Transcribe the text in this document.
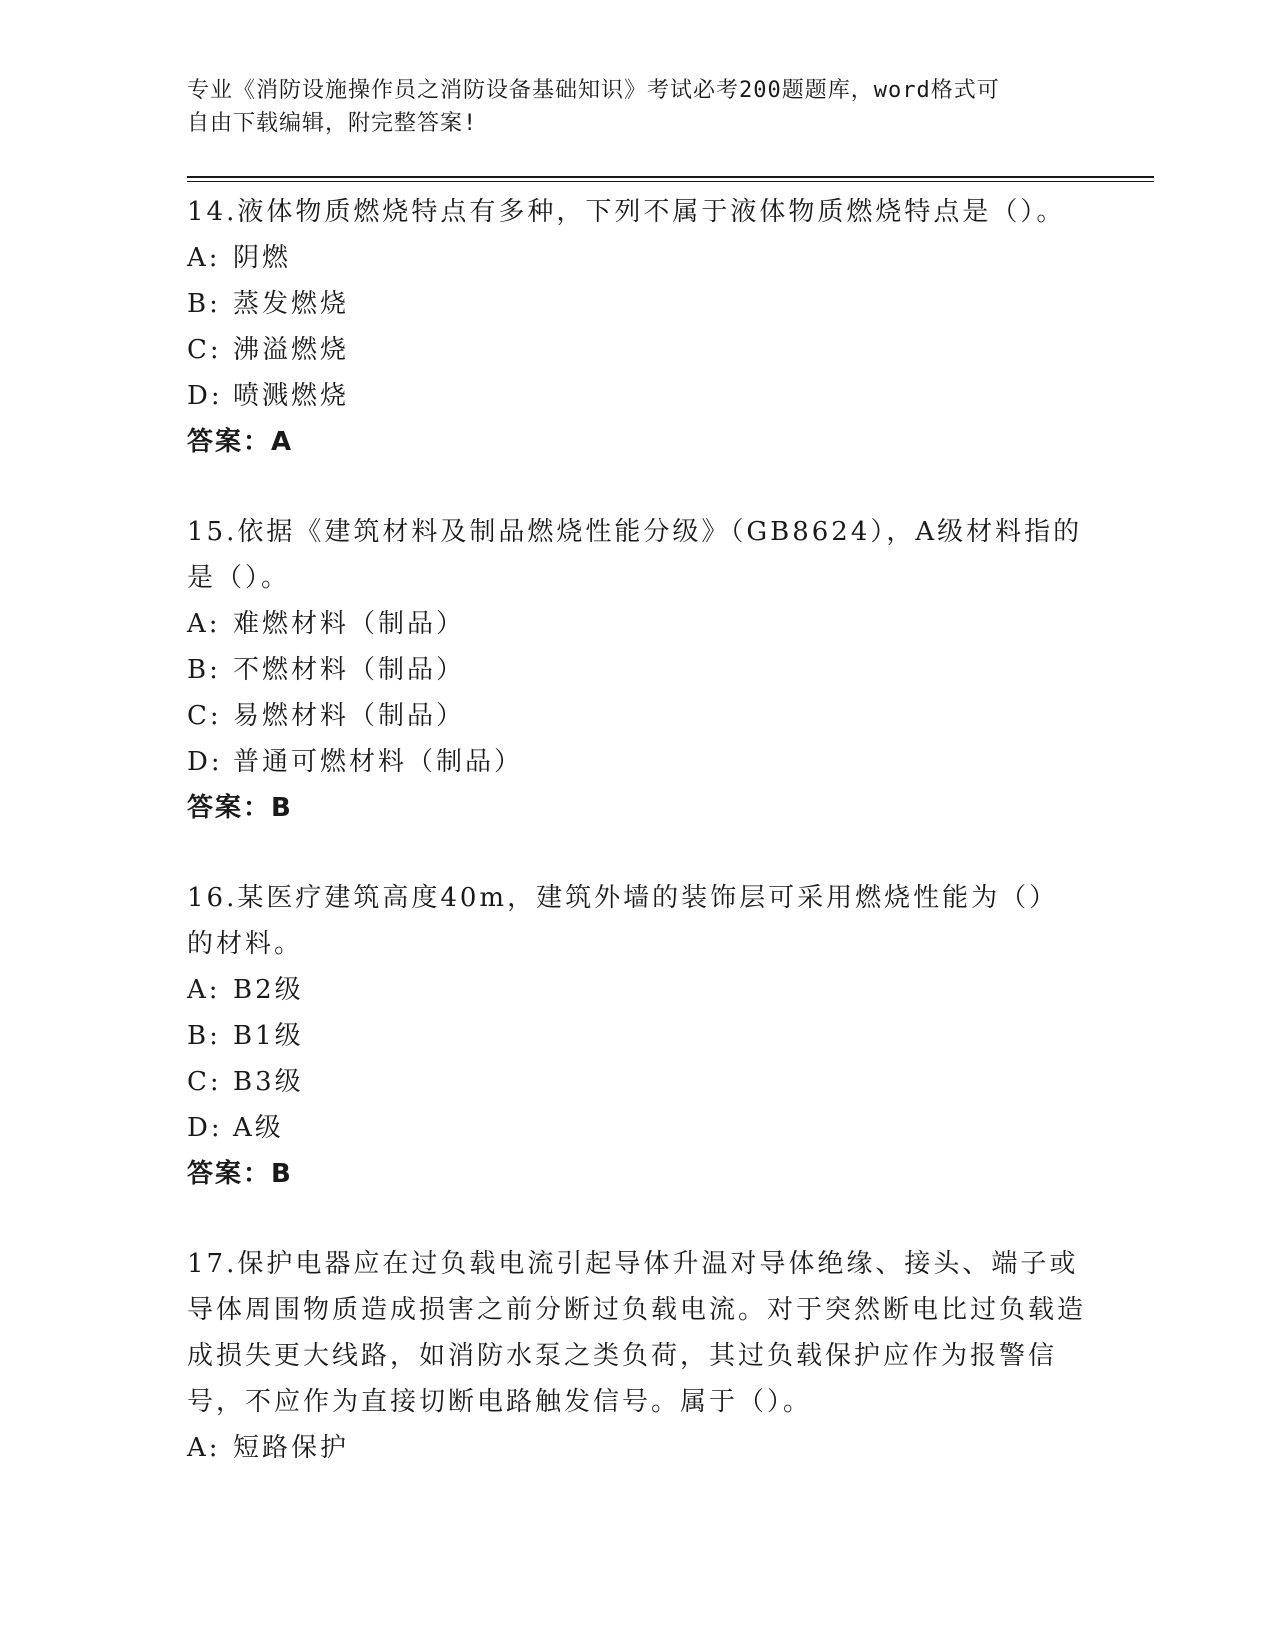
专业《消防设施操作员之消防设备基础知识》考试必考200题题库，word格式可
自由下载编辑，附完整答案!

14.液体物质燃烧特点有多种，下列不属于液体物质燃烧特点是（）。

A: 阴燃

B: 蒸发燃烧

C: 沸溢燃烧

D: 喷溅燃烧

答案：A

15.依据《建筑材料及制品燃烧性能分级》（GB8624），A级材料指的是（）。

A: 难燃材料（制品）

B: 不燃材料（制品）

C: 易燃材料（制品）

D: 普通可燃材料（制品）

答案：B

16.某医疗建筑高度40m，建筑外墙的装饰层可采用燃烧性能为（）的材料。

A: B2级

B: B1级

C: B3级

D: A级

答案：B

17.保护电器应在过负载电流引起导体升温对导体绝缘、接头、端子或导体周围物质造成损害之前分断过负载电流。对于突然断电比过负载造成损失更大线路，如消防水泵之类负荷，其过负载保护应作为报警信号，不应作为直接切断电路触发信号。属于（）。

A: 短路保护
